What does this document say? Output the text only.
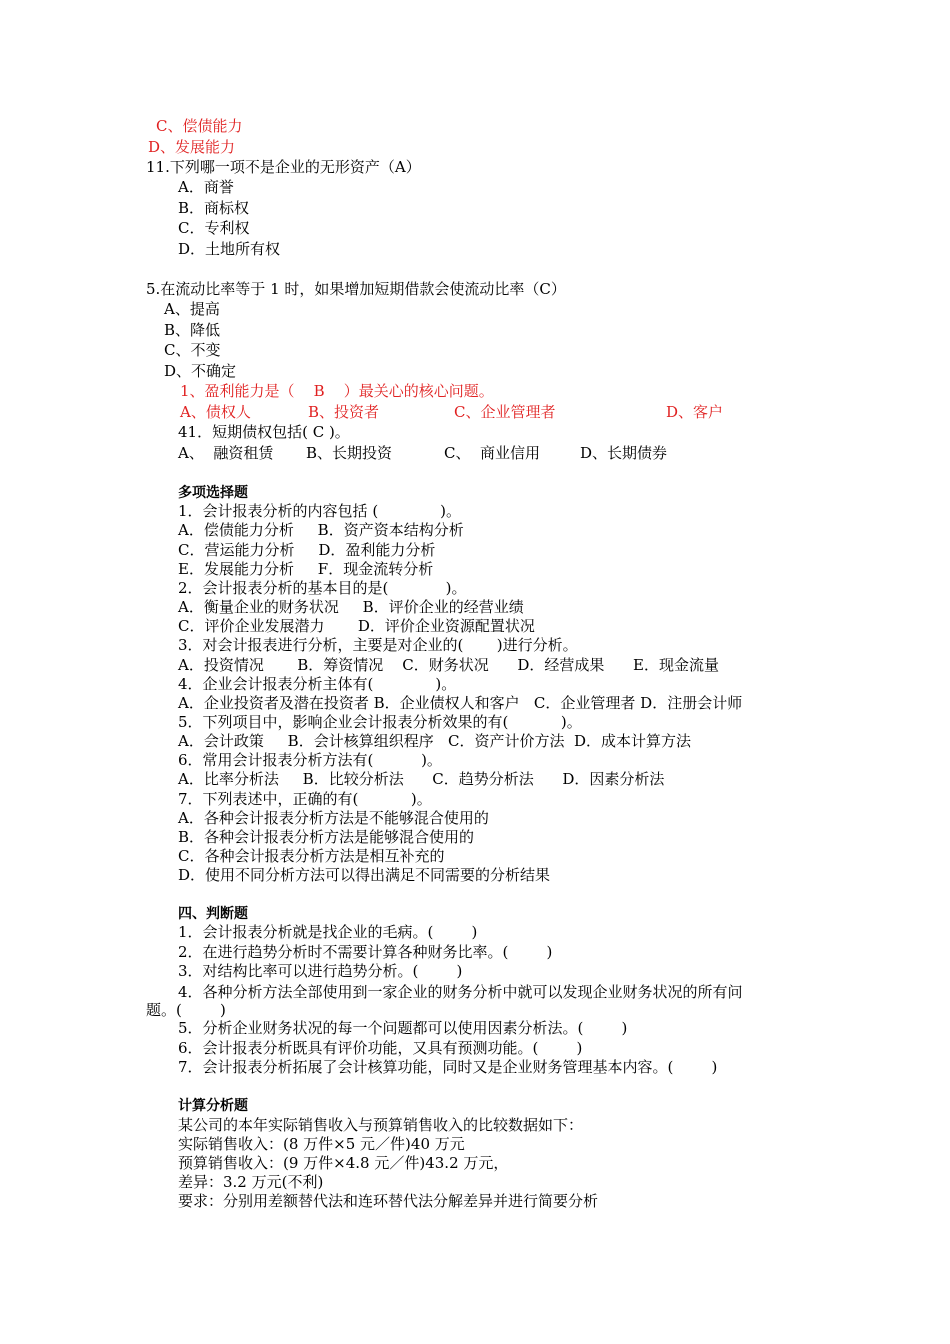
C、偿债能力
D、发展能力
11.下列哪一项不是企业的无形资产（A）
A．商誉
B．商标权
C．专利权
D．土地所有权
5.在流动比率等于 1 时，如果增加短期借款会使流动比率（C）
A、提高
B、降低
C、不变
D、不确定
1、盈利能力是（    B    ）最关心的核心问题。
A、债权人	B、投资者	C、企业管理者	D、客户
41．短期债权包括( C )。
A、  融资租赁 B、长期投资	C、  商业信用	D、长期债券
多项选择题
1．会计报表分析的内容包括 (             )。
A．偿债能力分析     B．资产资本结构分析
C．营运能力分析     D．盈利能力分析
E．发展能力分析     F．现金流转分析
2．会计报表分析的基本目的是(            )。
A．衡量企业的财务状况     B．评价企业的经营业绩
C．评价企业发展潜力       D．评价企业资源配置状况
3．对会计报表进行分析，主要是对企业的(       )进行分析。
A．投资情况       B．筹资情况    C．财务状况      D．经营成果      E．现金流量
4．企业会计报表分析主体有(             )。
A．企业投资者及潜在投资者 B．企业债权人和客户   C．企业管理者 D．注册会计师
5．下列项目中，影响企业会计报表分析效果的有(           )。
A．会计政策     B．会计核算组织程序   C．资产计价方法  D．成本计算方法
6．常用会计报表分析方法有(          )。
A．比率分析法     B．比较分析法      C．趋势分析法      D．因素分析法
7．下列表述中，正确的有(           )。
A．各种会计报表分析方法是不能够混合使用的
B．各种会计报表分析方法是能够混合使用的
C．各种会计报表分析方法是相互补充的
D．使用不同分析方法可以得出满足不同需要的分析结果
四、判断题
1．会计报表分析就是找企业的毛病。(        )
2．在进行趋势分析时不需要计算各种财务比率。(        )
3．对结构比率可以进行趋势分析。(        )
4．各种分析方法全部使用到一家企业的财务分析中就可以发现企业财务状况的所有问
题。(        )
5．分析企业财务状况的每一个问题都可以使用因素分析法。(        )
6．会计报表分析既具有评价功能，又具有预测功能。(        )
7．会计报表分析拓展了会计核算功能，同时又是企业财务管理基本内容。(        )
计算分析题
某公司的本年实际销售收入与预算销售收入的比较数据如下：
实际销售收入：(8 万件×5 元／件)40 万元
预算销售收入：(9 万件×4.8 元／件)43.2 万元，
差异：3.2 万元(不利)
要求：分别用差额替代法和连环替代法分解差异并进行简要分析
